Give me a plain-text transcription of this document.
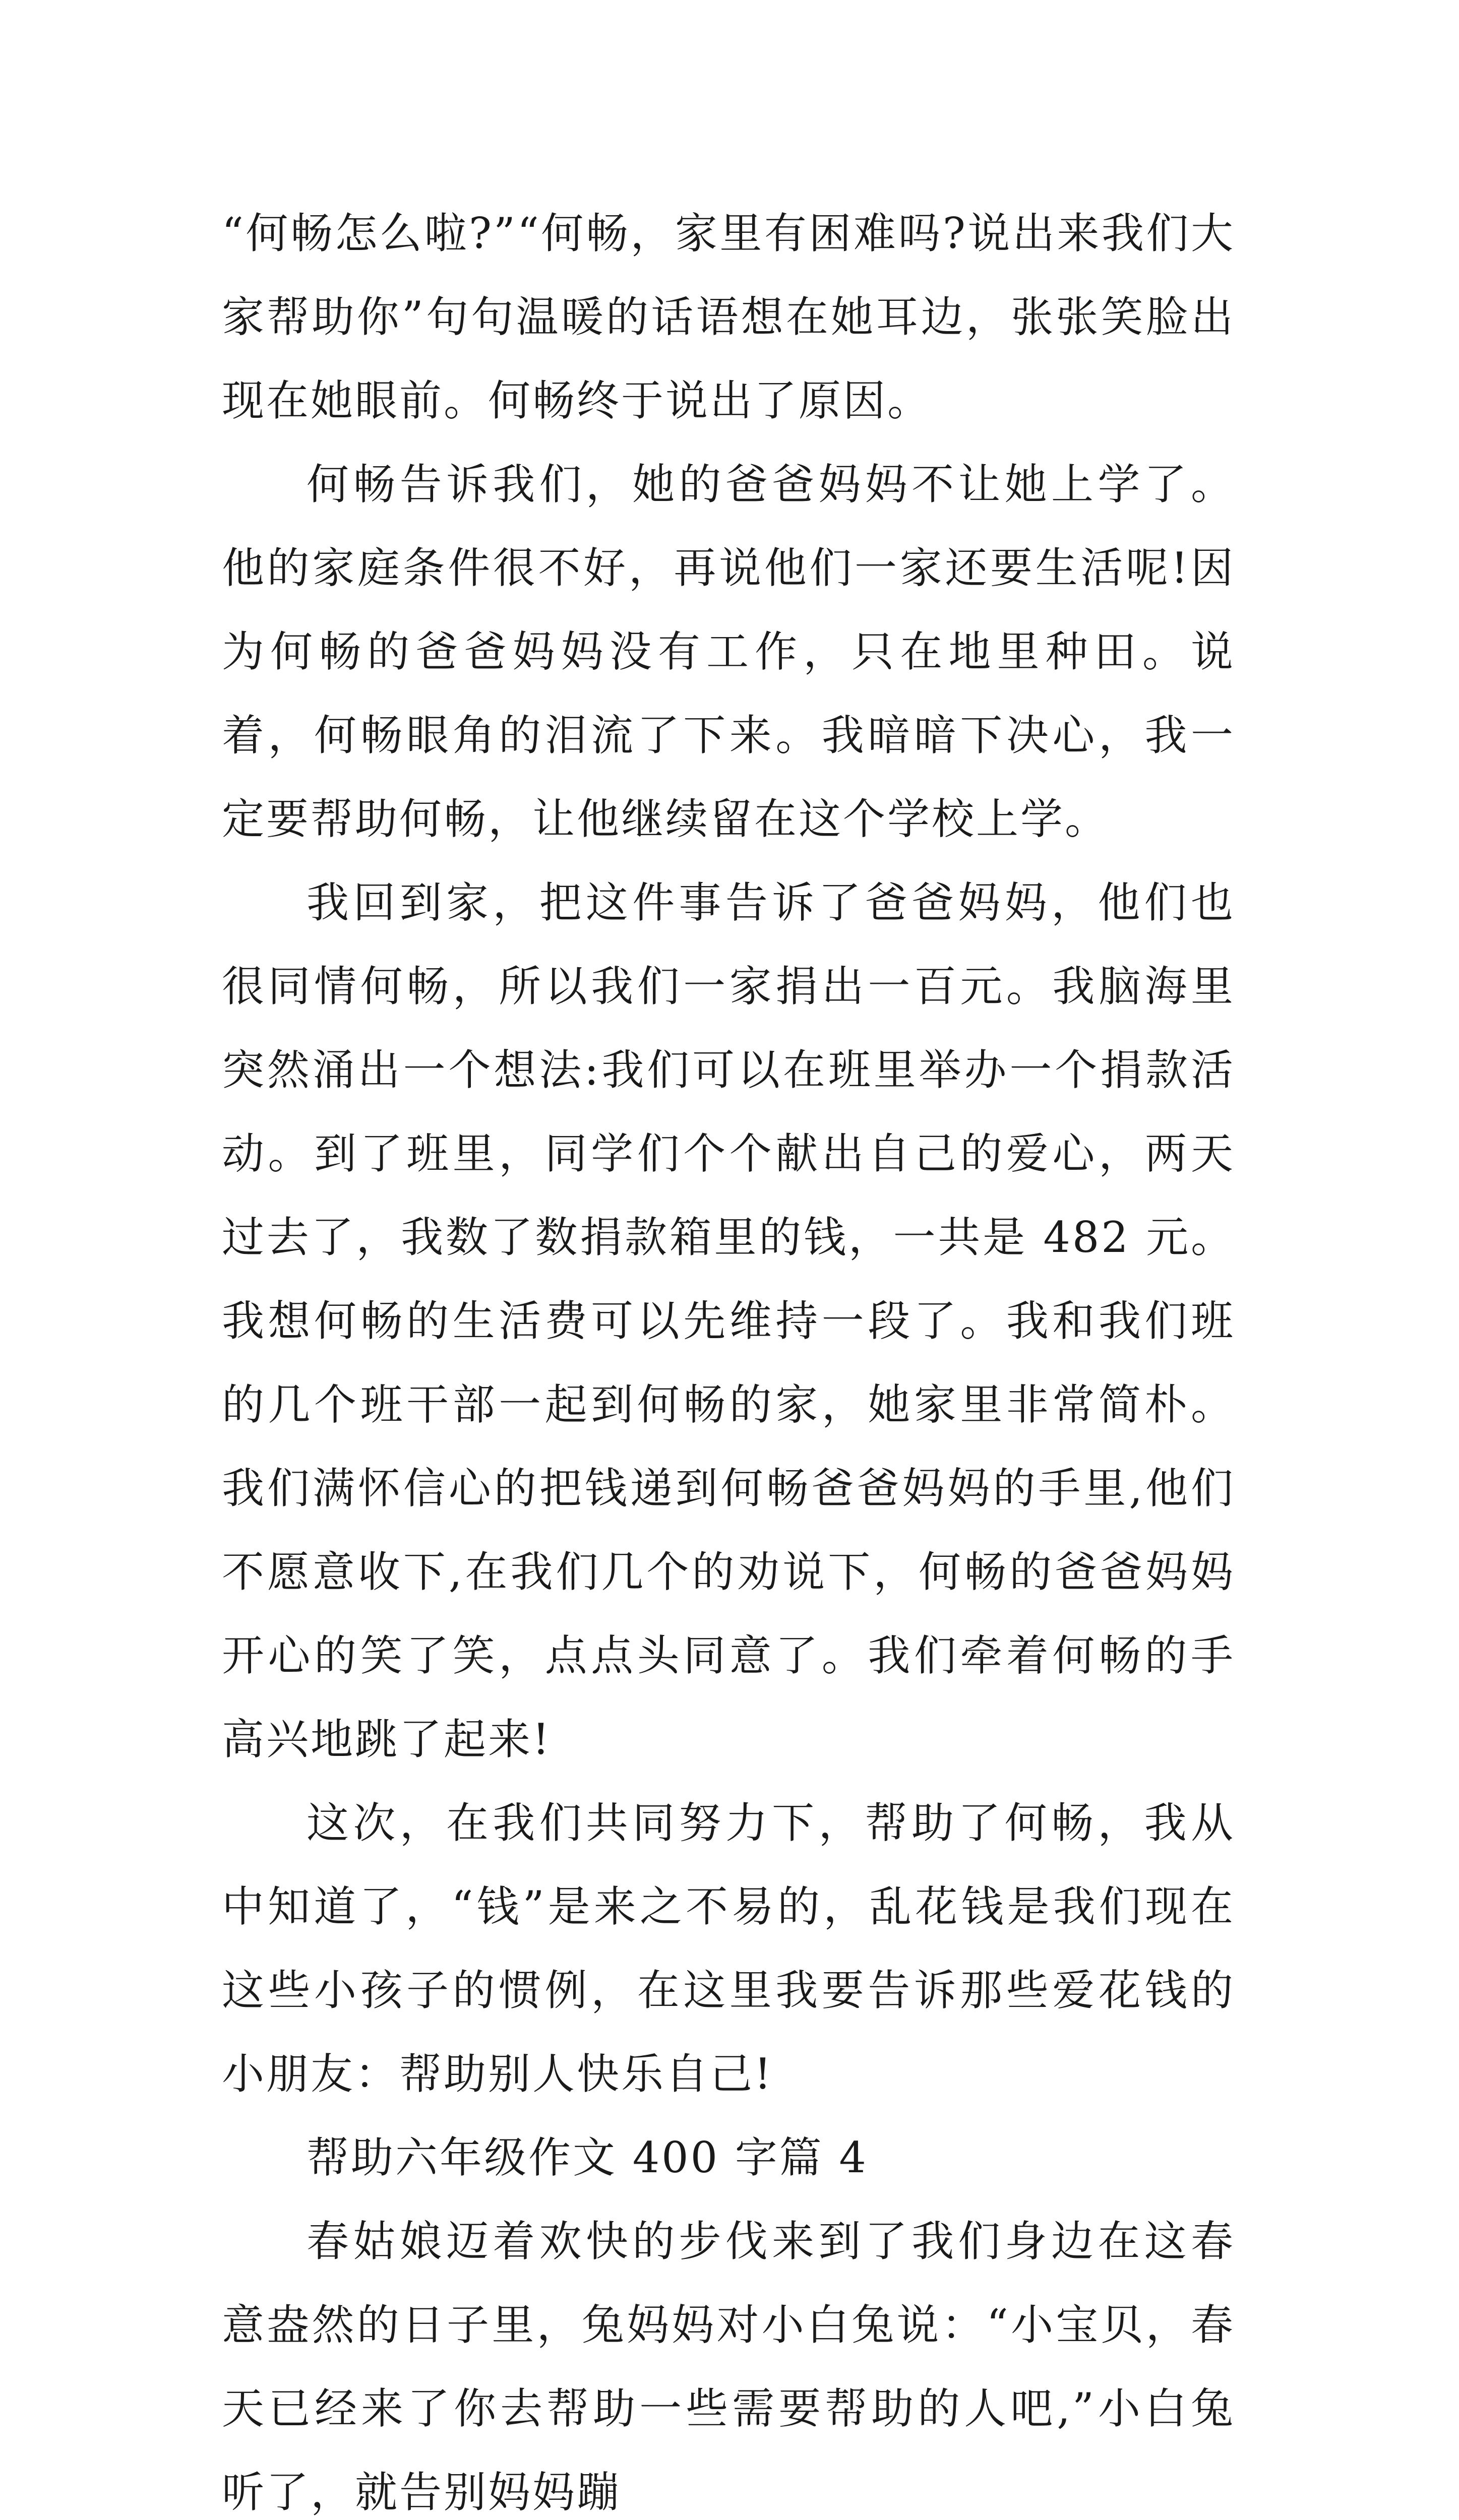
“何畅怎么啦?”“何畅，家里有困难吗?说出来我们大家帮助你”句句温暖的话语想在她耳边，张张笑脸出现在她眼前。何畅终于说出了原因。

何畅告诉我们，她的爸爸妈妈不让她上学了。他的家庭条件很不好，再说他们一家还要生活呢!因为何畅的爸爸妈妈没有工作，只在地里种田。说着，何畅眼角的泪流了下来。我暗暗下决心，我一定要帮助何畅，让他继续留在这个学校上学。

我回到家，把这件事告诉了爸爸妈妈，他们也很同情何畅，所以我们一家捐出一百元。我脑海里突然涌出一个想法:我们可以在班里举办一个捐款活动。到了班里，同学们个个献出自己的爱心，两天过去了，我数了数捐款箱里的钱，一共是 482 元。我想何畅的生活费可以先维持一段了。我和我们班的几个班干部一起到何畅的家，她家里非常简朴。我们满怀信心的把钱递到何畅爸爸妈妈的手里,他们不愿意收下,在我们几个的劝说下，何畅的爸爸妈妈开心的笑了笑，点点头同意了。我们牵着何畅的手高兴地跳了起来!

这次，在我们共同努力下，帮助了何畅，我从中知道了，“钱”是来之不易的，乱花钱是我们现在这些小孩子的惯例，在这里我要告诉那些爱花钱的小朋友：帮助别人快乐自己!

帮助六年级作文 400 字篇 4

春姑娘迈着欢快的步伐来到了我们身边在这春意盎然的日子里，兔妈妈对小白兔说：“小宝贝，春天已经来了你去帮助一些需要帮助的人吧,”小白兔听了，就告别妈妈蹦
